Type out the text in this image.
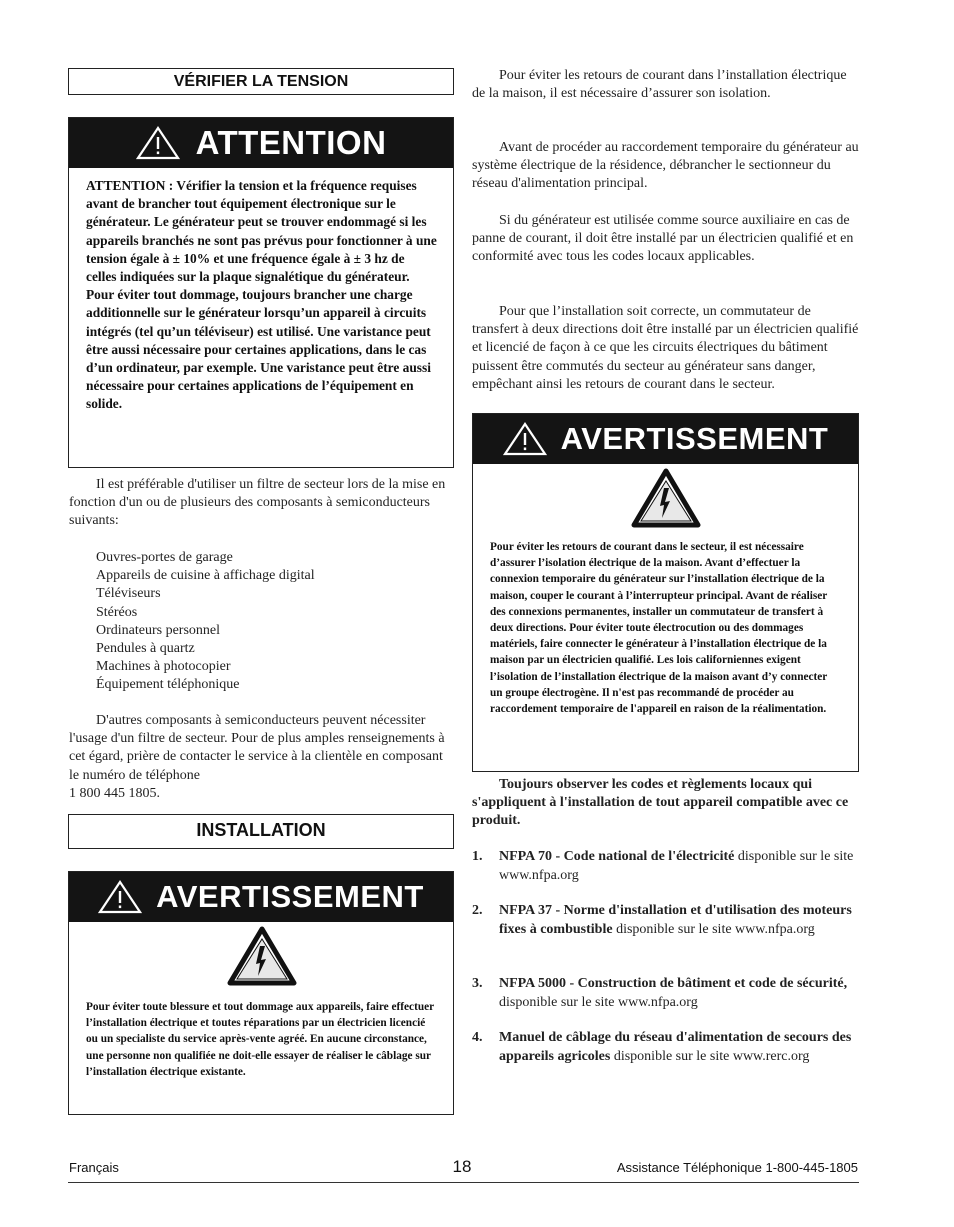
VÉRIFIER LA TENSION
ATTENTION
ATTENTION : Vérifier la tension et la fréquence requises avant de brancher tout équipement électronique sur le générateur. Le générateur peut se trouver endommagé si les appareils branchés ne sont pas prévus pour fonctionner à une tension égale à ± 10% et une fréquence égale à ± 3 hz de celles indiquées sur la plaque signalétique du générateur. Pour éviter tout dommage, toujours brancher une charge additionnelle sur le générateur lorsqu’un appareil à circuits intégrés (tel qu’un téléviseur) est utilisé. Une varistance peut être aussi nécessaire pour certaines applications, dans le cas d’un ordinateur, par exemple. Une varistance peut être aussi nécessaire pour certaines applications de l’équipement en solide.
Il est préférable d'utiliser un filtre de secteur lors de la mise en fonction d'un ou de plusieurs des composants à semiconducteurs suivants:
Ouvres-portes de garage
Appareils de cuisine à affichage digital
Téléviseurs
Stéréos
Ordinateurs personnel
Pendules à quartz
Machines à photocopier
Équipement téléphonique
D'autres composants à semiconducteurs peuvent nécessiter l'usage d'un filtre de secteur. Pour de plus amples renseignements à cet égard, prière de contacter le service à la clientèle en composant le numéro de téléphone
1 800 445 1805.
INSTALLATION
AVERTISSEMENT
Pour éviter toute blessure et tout dommage aux appareils, faire effectuer l’installation électrique et toutes réparations par un électricien licencié ou un specialiste du service après-vente agréé. En aucune circonstance, une personne non qualifiée ne doit-elle essayer de réaliser le câblage sur l’installation électrique existante.
Pour éviter les retours de courant dans l’installation électrique de la maison, il est nécessaire d’assurer son isolation.
Avant de procéder au raccordement temporaire du générateur au système électrique de la résidence, débrancher le sectionneur du réseau d'alimentation principal.
Si du générateur est utilisée comme source auxiliaire en cas de panne de courant, il doit être installé par un électricien qualifié et en conformité avec tous les codes locaux applicables.
Pour que l’installation soit correcte, un commutateur de transfert à deux directions doit être installé par un électricien qualifié et licencié de façon à ce que les circuits électriques du bâtiment puissent être commutés du secteur au générateur sans danger, empêchant ainsi les retours de courant dans le secteur.
AVERTISSEMENT
Pour éviter les retours de courant dans le secteur, il est nécessaire d’assurer l’isolation électrique de la maison. Avant d’effectuer la connexion temporaire du générateur sur l’installation électrique de la maison, couper le courant à l’interrupteur principal. Avant de réaliser des connexions permanentes, installer un commutateur de transfert à deux directions. Pour éviter toute électrocution ou des dommages matériels, faire connecter le générateur à l’installation électrique de la maison par un électricien qualifié. Les lois californiennes exigent l’isolation de l’installation électrique de la maison avant d’y connecter un groupe électrogène. Il n'est pas recommandé de procéder au raccordement temporaire de l'appareil en raison de la réalimentation.
Toujours observer les codes et règlements locaux qui s'appliquent à l'installation de tout appareil compatible avec ce produit.
1.	NFPA 70 - Code national de l'électricité disponible sur le site www.nfpa.org
2.	NFPA 37 - Norme d'installation et d'utilisation des moteurs fixes à combustible disponible sur le site www.nfpa.org
3.	NFPA 5000 - Construction de bâtiment et code de sécurité, disponible sur le site www.nfpa.org
4.	Manuel de câblage du réseau d'alimentation de secours des appareils agricoles disponible sur le site www.rerc.org
Français	18	Assistance Téléphonique 1-800-445-1805
